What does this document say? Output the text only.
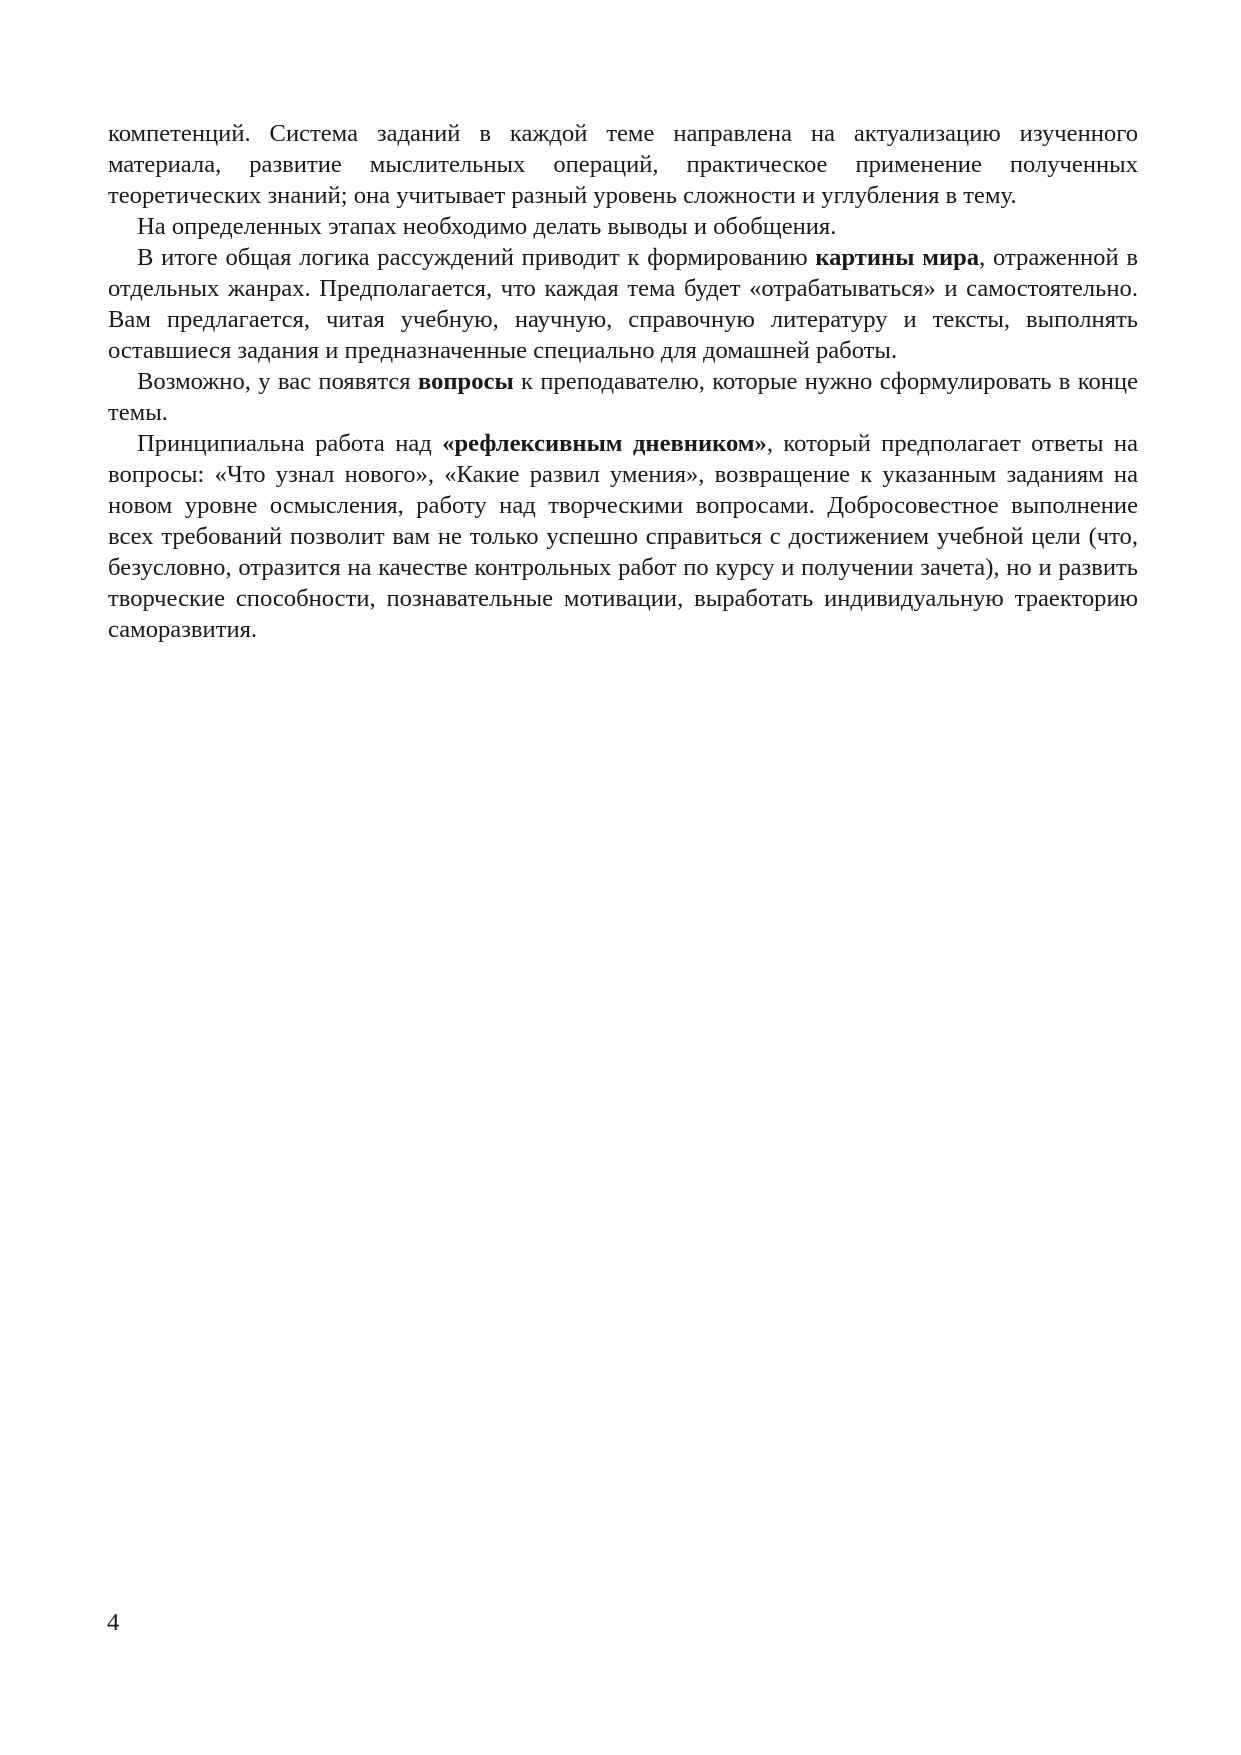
компетенций. Система заданий в каждой теме направлена на актуализацию изученного материала, развитие мыслительных операций, практическое применение полученных теоретических знаний; она учитывает разный уровень сложности и углубления в тему.

На определенных этапах необходимо делать выводы и обобщения.

В итоге общая логика рассуждений приводит к формированию картины мира, отраженной в отдельных жанрах. Предполагается, что каждая тема будет «отрабатываться» и самостоятельно. Вам предлагается, читая учебную, научную, справочную литературу и тексты, выполнять оставшиеся задания и предназначенные специально для домашней работы.

Возможно, у вас появятся вопросы к преподавателю, которые нужно сформулировать в конце темы.

Принципиальна работа над «рефлексивным дневником», который предполагает ответы на вопросы: «Что узнал нового», «Какие развил умения», возвращение к указанным заданиям на новом уровне осмысления, работу над творческими вопросами. Добросовестное выполнение всех требований позволит вам не только успешно справиться с достижением учебной цели (что, безусловно, отразится на качестве контрольных работ по курсу и получении зачета), но и развить творческие способности, познавательные мотивации, выработать индивидуальную траекторию саморазвития.

4
